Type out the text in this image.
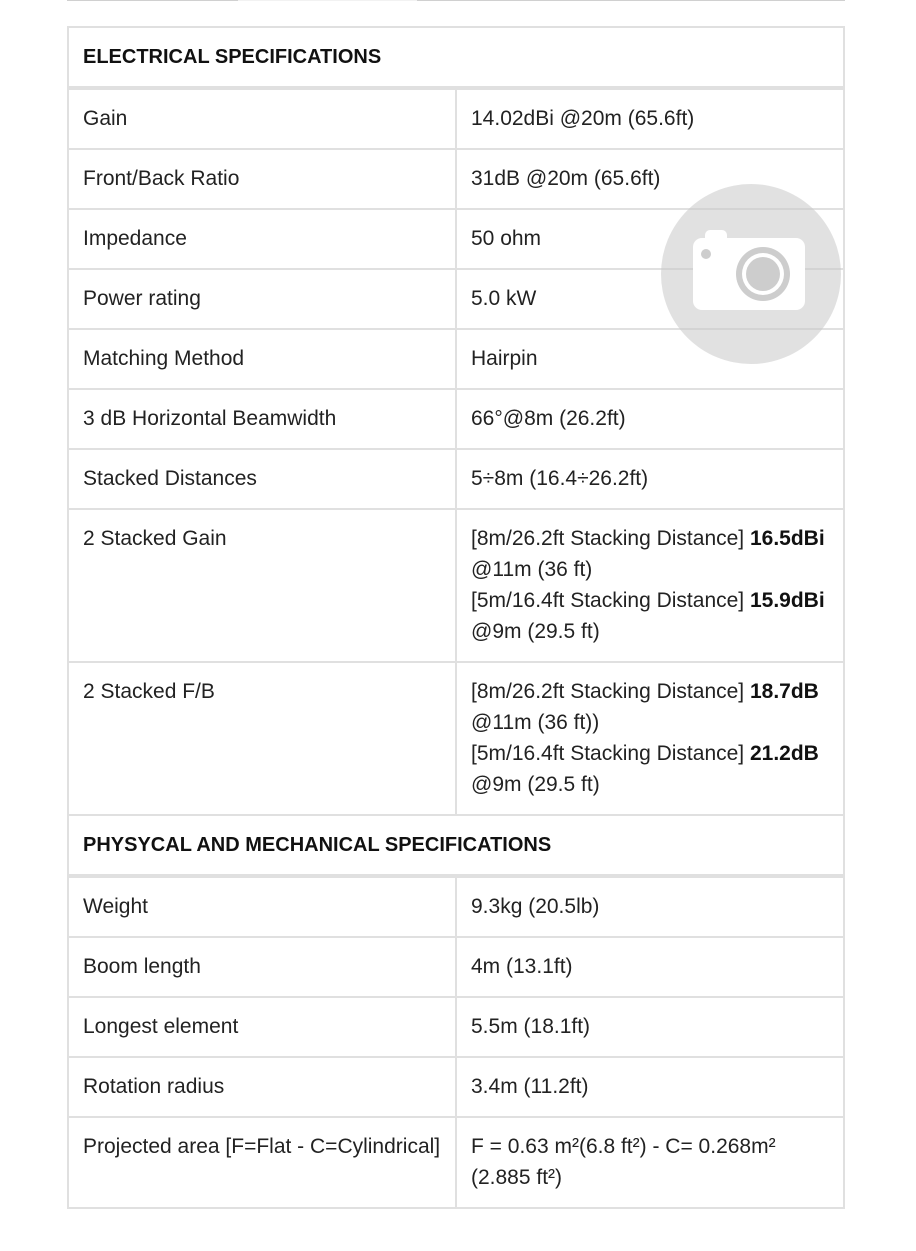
ELECTRICAL SPECIFICATIONS	
Gain	14.02dBi @20m (65.6ft)
Front/Back Ratio	31dB @20m (65.6ft)
Impedance	50 ohm
Power rating	5.0 kW
Matching Method	Hairpin
3 dB Horizontal Beamwidth	66°@8m (26.2ft)
Stacked Distances	5÷8m (16.4÷26.2ft)
2 Stacked Gain	[8m/26.2ft Stacking Distance] 16.5dBi
@11m (36 ft)
[5m/16.4ft Stacking Distance] 15.9dBi
@9m (29.5 ft)

2 Stacked F/B	[8m/26.2ft Stacking Distance] 18.7dB
@11m (36 ft))
[5m/16.4ft Stacking Distance] 21.2dB
@9m (29.5 ft)

PHYSYCAL AND MECHANICAL SPECIFICATIONS	
Weight	9.3kg (20.5lb)
Boom length	4m (13.1ft)
Longest element	5.5m (18.1ft)
Rotation radius	3.4m (11.2ft)
Projected area [F=Flat - C=Cylindrical]	F = 0.63 m²(6.8 ft²) - C= 0.268m² (2.885 ft²)
